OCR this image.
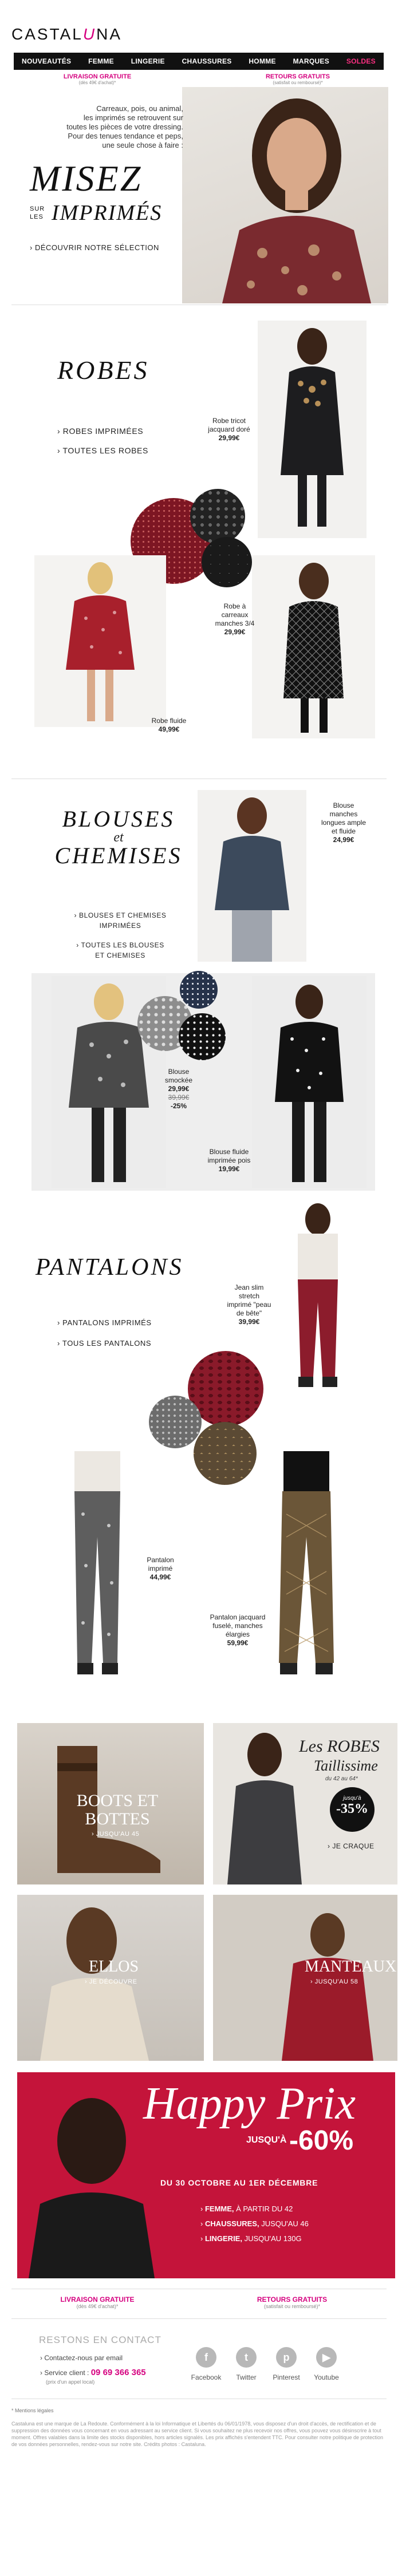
CASTALUNA
NOUVEAUTÉS FEMME LINGERIE CHAUSSURES HOMME MARQUES SOLDES
LIVRAISON GRATUITE
(dès 49€ d'achat)*
RETOURS GRATUITS
(satisfait ou remboursé)*
Carreaux, pois, ou animal,
les imprimés se retrouvent sur
toutes les pièces de votre dressing.
Pour des tenues tendance et peps,
une seule chose à faire :
MISEZ
SUR
LES IMPRIMÉS
› DÉCOUVRIR NOTRE SÉLECTION
ROBES
› ROBES IMPRIMÉES
› TOUTES LES ROBES
Robe tricot
jacquard doré
29,99€
Robe fluide
49,99€
Robe à
carreaux
manches 3/4
29,99€
BLOUSES
et
CHEMISES
› BLOUSES ET CHEMISES
IMPRIMÉES
› TOUTES LES BLOUSES
ET CHEMISES
Blouse
manches
longues ample
et fluide
24,99€
Blouse
smockée
29,99€
39,99€
-25%
Blouse fluide
imprimée pois
19,99€
PANTALONS
› PANTALONS IMPRIMÉS
› TOUS LES PANTALONS
Jean slim
stretch
imprimé "peau
de bête"
39,99€
Pantalon
imprimé
44,99€
Pantalon jacquard
fuselé, manches
élargies
59,99€
BOOTS ET
BOTTES
› JUSQU'AU 45
Les ROBES
Taillissime
du 42 au 64*
jusqu'à
-35%
› JE CRAQUE
ELLOS
› JE DÉCOUVRE
MANTEAUX
› JUSQU'AU 58
Happy Prix
JUSQU'À -60%
DU 30 OCTOBRE AU 1ER DÉCEMBRE
› FEMME, À PARTIR DU 42
› CHAUSSURES, JUSQU'AU 46
› LINGERIE, JUSQU'AU 130G
LIVRAISON GRATUITE
(dès 49€ d'achat)*
RETOURS GRATUITS
(satisfait ou remboursé)*
RESTONS EN CONTACT
› Contactez-nous par email
› Service client : 09 69 366 365
(prix d'un appel local)
f
Facebook
t
Twitter
p
Pinterest
▶
Youtube
* Mentions légales
Castaluna est une marque de La Redoute. Conformément à la loi Informatique et Libertés du 06/01/1978, vous disposez d'un droit d'accès, de rectification et de suppression des données vous concernant en vous adressant au service client. Si vous souhaitez ne plus recevoir nos offres, vous pouvez vous désinscrire à tout moment. Offres valables dans la limite des stocks disponibles, hors articles signalés. Les prix affichés s'entendent TTC. Pour consulter notre politique de protection de vos données personnelles, rendez-vous sur notre site. Crédits photos : Castaluna.
